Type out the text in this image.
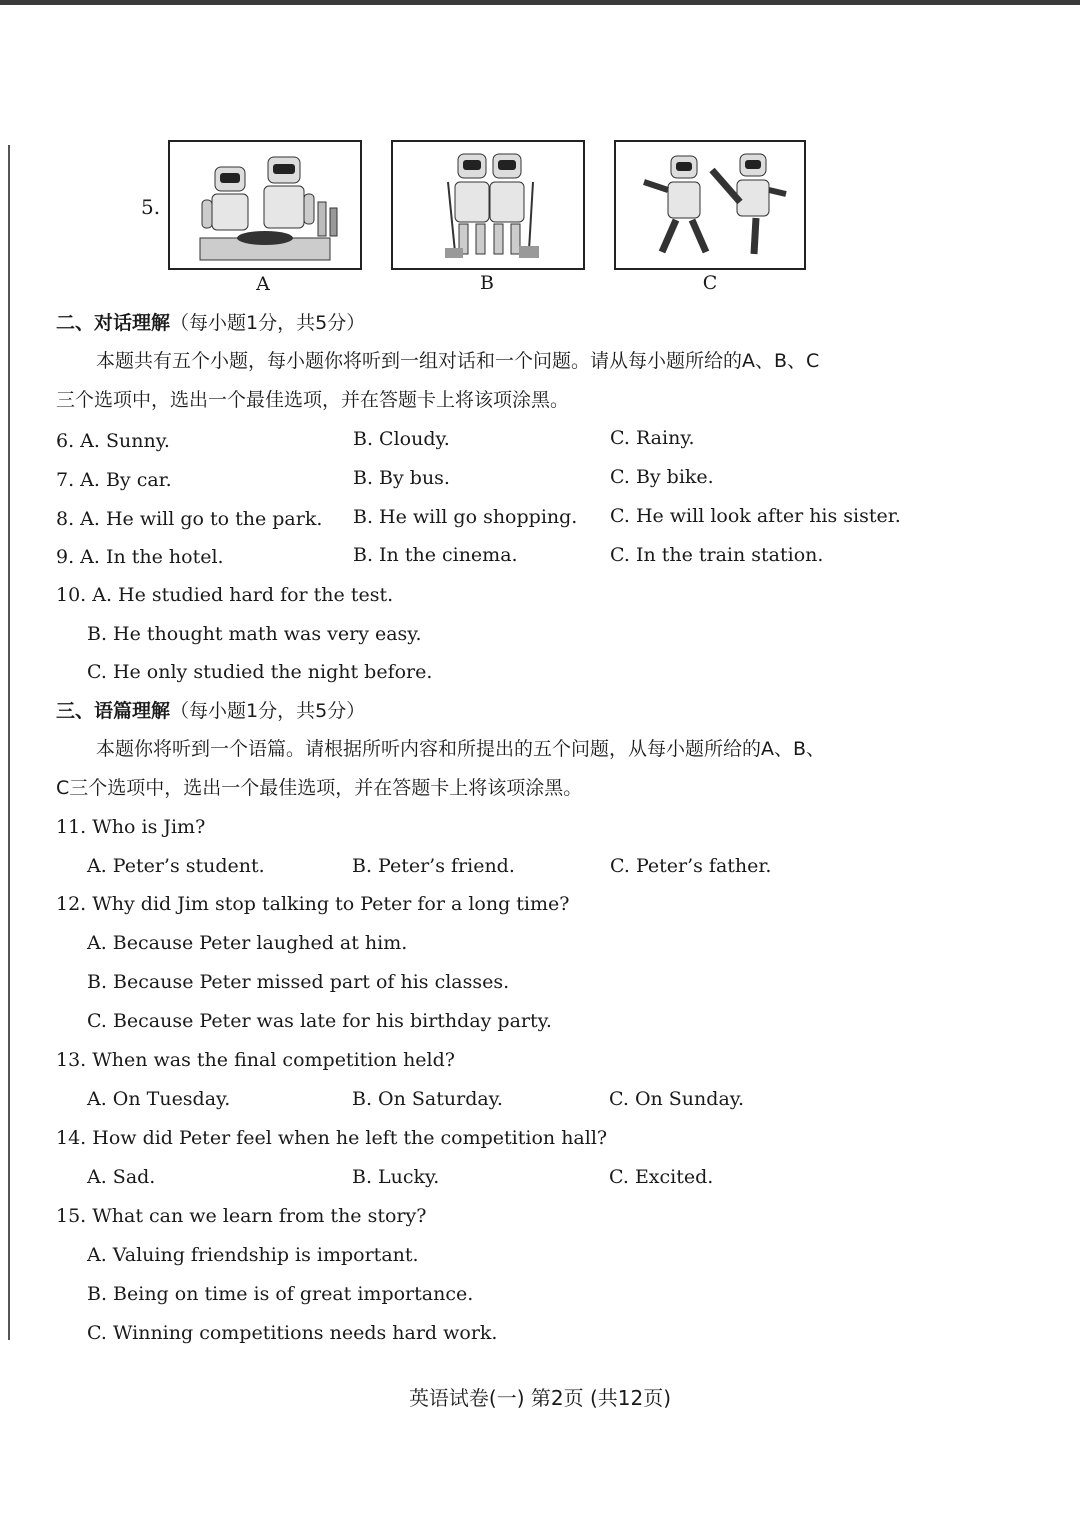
5.
A	B	C
二、对话理解（每小题1分，共5分）
本题共有五个小题，每小题你将听到一组对话和一个问题。请从每小题所给的A、B、C
三个选项中，选出一个最佳选项，并在答题卡上将该项涂黑。
6. A. Sunny.	B. Cloudy.	C. Rainy.
7. A. By car.	B. By bus.	C. By bike.
8. A. He will go to the park. B. He will go shopping. C. He will look after his sister.
9. A. In the hotel.	B. In the cinema.	C. In the train station.
10. A. He studied hard for the test.
B. He thought math was very easy.
C. He only studied the night before.
三、语篇理解（每小题1分，共5分）
本题你将听到一个语篇。请根据所听内容和所提出的五个问题，从每小题所给的A、B、
C三个选项中，选出一个最佳选项，并在答题卡上将该项涂黑。
11. Who is Jim?
A. Peter’s student.	B. Peter’s friend.	C. Peter’s father.
12. Why did Jim stop talking to Peter for a long time?
A. Because Peter laughed at him.
B. Because Peter missed part of his classes.
C. Because Peter was late for his birthday party.
13. When was the final competition held?
A. On Tuesday.	B. On Saturday.	C. On Sunday.
14. How did Peter feel when he left the competition hall?
A. Sad.	B. Lucky.	C. Excited.
15. What can we learn from the story?
A. Valuing friendship is important.
B. Being on time is of great importance.
C. Winning competitions needs hard work.
英语试卷(一) 第2页 (共12页)
